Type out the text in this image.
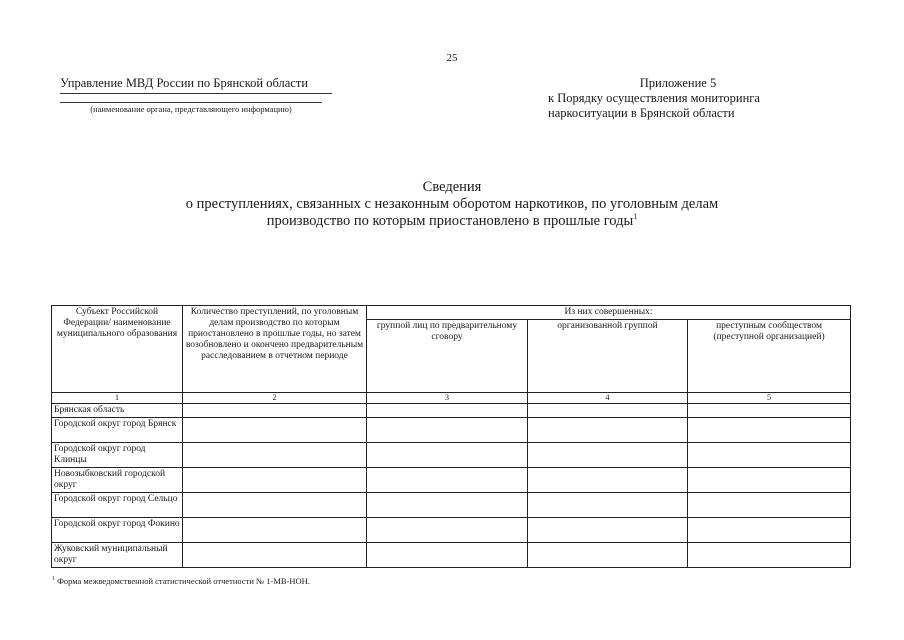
25
Управление МВД России по Брянской области
(наименование органа, представляющего информацию)
Приложение 5
к Порядку осуществления мониторинга
наркоситуации в Брянской области
Сведения
о преступлениях, связанных с незаконным оборотом наркотиков, по уголовным делам
производство по которым приостановлено в прошлые годы$^1$
Субъект Российской Федерации/ наименование муниципального образования	Количество преступлений, по уголовным делам производство по которым приостановлено в прошлые годы, но затем возобновлено и окончено предварительным расследованием в отчетном периоде	Из них совершенных:		
		группой лиц по предварительному сговору	организованной группой	преступным сообществом (преступной организацией)
1	2	3	4	5
Брянская область				
Городской округ город Брянск				
Городской округ город Клинцы				
Новозыбковский городской округ				
Городской округ город Сельцо				
Городской округ город Фокино				
Жуковский муниципальный округ				
$^1$ Форма межведомственной статистической отчетности № 1-МВ-НОН.
